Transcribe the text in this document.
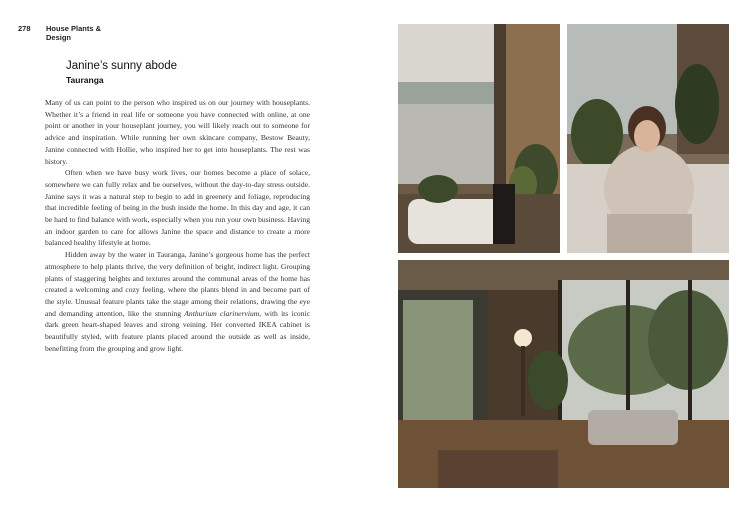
278 House Plants & Design
Janine’s sunny abode
Tauranga

Many of us can point to the person who inspired us on our journey with houseplants. Whether it’s a friend in real life or someone you have connected with online, at one point or another in your houseplant journey, you will likely reach out to someone for advice and inspiration. While running her own skincare company, Bestow Beauty, Janine connected with Hollie, who inspired her to get into houseplants. The rest was history.

Often when we have busy work lives, our homes become a place of solace, somewhere we can fully relax and be ourselves, without the day-to-day stress outside. Janine says it was a natural step to begin to add in greenery and foliage, reproducing that incredible feeling of being in the bush inside the home. In this day and age, it can be hard to find balance with work, especially when you run your own business. Having an indoor garden to care for allows Janine the space and distance to create a more balanced healthy lifestyle at home.

Hidden away by the water in Tauranga, Janine’s gorgeous home has the perfect atmosphere to help plants thrive, the very definition of bright, indirect light. Grouping plants of staggering heights and textures around the communal areas of the home has created a welcoming and cozy feeling, where the plants blend in and become part of the style. Unusual feature plants take the stage among their relations, drawing the eye and demanding attention, like the stunning Anthurium clarinervium, with its iconic dark green heart-shaped leaves and strong veining. Her converted IKEA cabinet is beautifully styled, with feature plants placed around the outside as well as inside, benefitting from the grouping and grow light.
